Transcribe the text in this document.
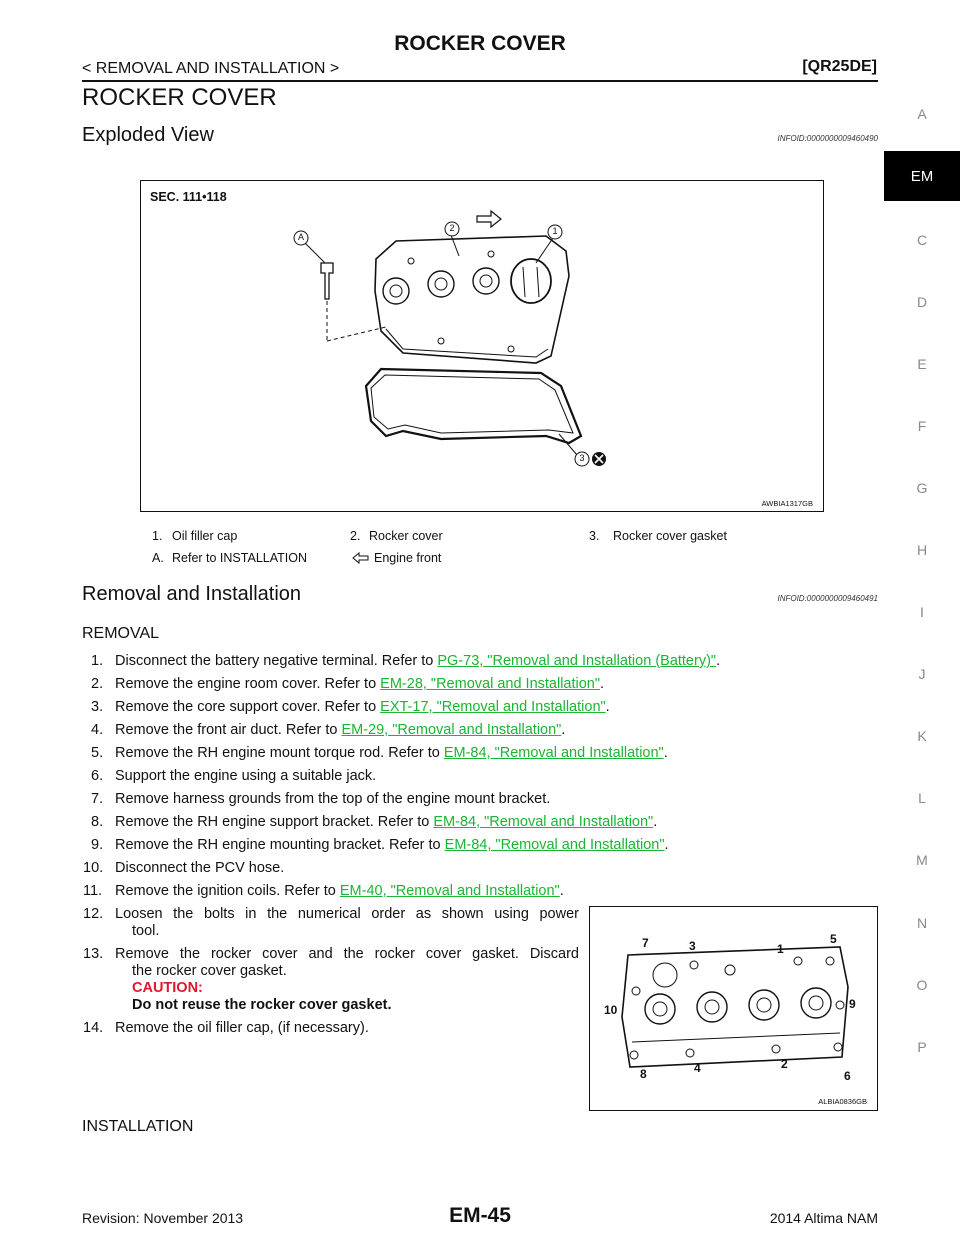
ROCKER COVER
< REMOVAL AND INSTALLATION >	[QR25DE]
ROCKER COVER
Exploded View	INFOID:0000000009460490
SEC. 111•118
A
2	1
3
AWBIA1317GB
1. Oil filler cap	2. Rocker cover	3. Rocker cover gasket
A. Refer to INSTALLATION	Engine front
Removal and Installation	INFOID:0000000009460491
REMOVAL
1. Disconnect the battery negative terminal. Refer to PG-73, "Removal and Installation (Battery)".
2. Remove the engine room cover. Refer to EM-28, "Removal and Installation".
3. Remove the core support cover. Refer to EXT-17, "Removal and Installation".
4. Remove the front air duct. Refer to EM-29, "Removal and Installation".
5. Remove the RH engine mount torque rod. Refer to EM-84, "Removal and Installation".
6. Support the engine using a suitable jack.
7. Remove harness grounds from the top of the engine mount bracket.
8. Remove the RH engine support bracket. Refer to EM-84, "Removal and Installation".
9. Remove the RH engine mounting bracket. Refer to EM-84, "Removal and Installation".
10. Disconnect the PCV hose.
11. Remove the ignition coils. Refer to EM-40, "Removal and Installation".
12. Loosen the bolts in the numerical order as shown using power
tool.
13. Remove the rocker cover and the rocker cover gasket. Discard
the rocker cover gasket.
CAUTION:
Do not reuse the rocker cover gasket.
14. Remove the oil filler cap, (if necessary).
7	3	1
5
10	9
8	4	2
6
ALBIA0836GB
INSTALLATION
A
EM
C
D
E
F
G
H
I
J
K
L
M
N
O
P
Revision: November 2013	EM-45	2014 Altima NAM
